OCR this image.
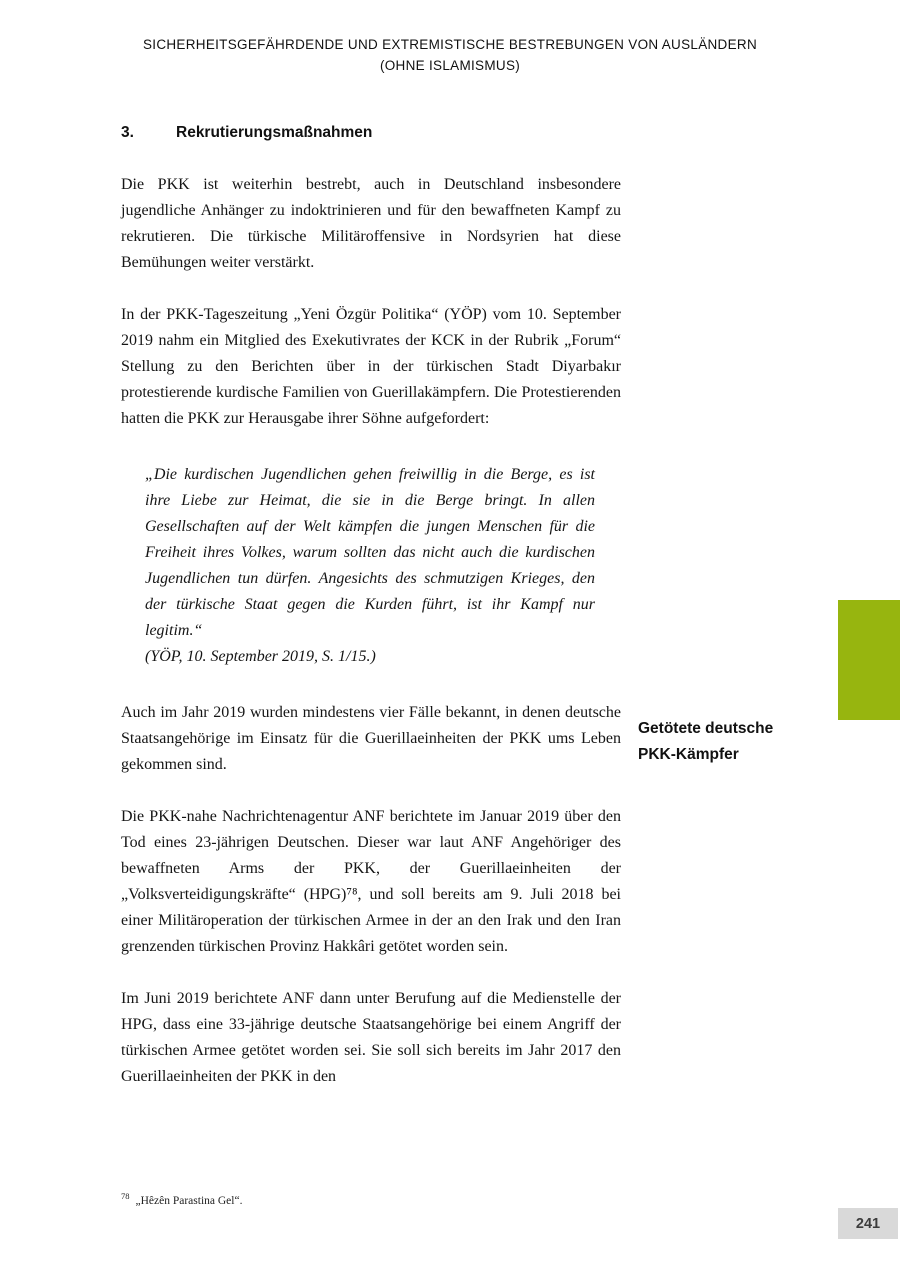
SICHERHEITSGEFÄHRDENDE UND EXTREMISTISCHE BESTREBUNGEN VON AUSLÄNDERN
(OHNE ISLAMISMUS)
3.	Rekrutierungsmaßnahmen

Die PKK ist weiterhin bestrebt, auch in Deutschland insbesondere jugendliche Anhänger zu indoktrinieren und für den bewaffneten Kampf zu rekrutieren. Die türkische Militäroffensive in Nordsyrien hat diese Bemühungen weiter verstärkt.

In der PKK-Tageszeitung „Yeni Özgür Politika“ (YÖP) vom 10. September 2019 nahm ein Mitglied des Exekutivrates der KCK in der Rubrik „Forum“ Stellung zu den Berichten über in der türkischen Stadt Diyarbakır protestierende kurdische Familien von Guerillakämpfern. Die Protestierenden hatten die PKK zur Herausgabe ihrer Söhne aufgefordert:

„Die kurdischen Jugendlichen gehen freiwillig in die Berge, es ist ihre Liebe zur Heimat, die sie in die Berge bringt. In allen Gesellschaften auf der Welt kämpfen die jungen Menschen für die Freiheit ihres Volkes, warum sollten das nicht auch die kurdischen Jugendlichen tun dürfen. Angesichts des schmutzigen Krieges, den der türkische Staat gegen die Kurden führt, ist ihr Kampf nur legitim.“

(YÖP, 10. September 2019, S. 1/15.)

Auch im Jahr 2019 wurden mindestens vier Fälle bekannt, in denen deutsche Staatsangehörige im Einsatz für die Guerillaeinheiten der PKK ums Leben gekommen sind.

Die PKK-nahe Nachrichtenagentur ANF berichtete im Januar 2019 über den Tod eines 23-jährigen Deutschen. Dieser war laut ANF Angehöriger des bewaffneten Arms der PKK, der Guerillaeinheiten der „Volksverteidigungskräfte“ (HPG)⁷⁸, und soll bereits am 9. Juli 2018 bei einer Militäroperation der türkischen Armee in der an den Irak und den Iran grenzenden türkischen Provinz Hakkâri getötet worden sein.

Im Juni 2019 berichtete ANF dann unter Berufung auf die Medienstelle der HPG, dass eine 33-jährige deutsche Staatsangehörige bei einem Angriff der türkischen Armee getötet worden sei. Sie soll sich bereits im Jahr 2017 den Guerillaeinheiten der PKK in den

Getötete deutsche PKK-Kämpfer
$^{78}$ „Hêzên Parastina Gel“.
241
